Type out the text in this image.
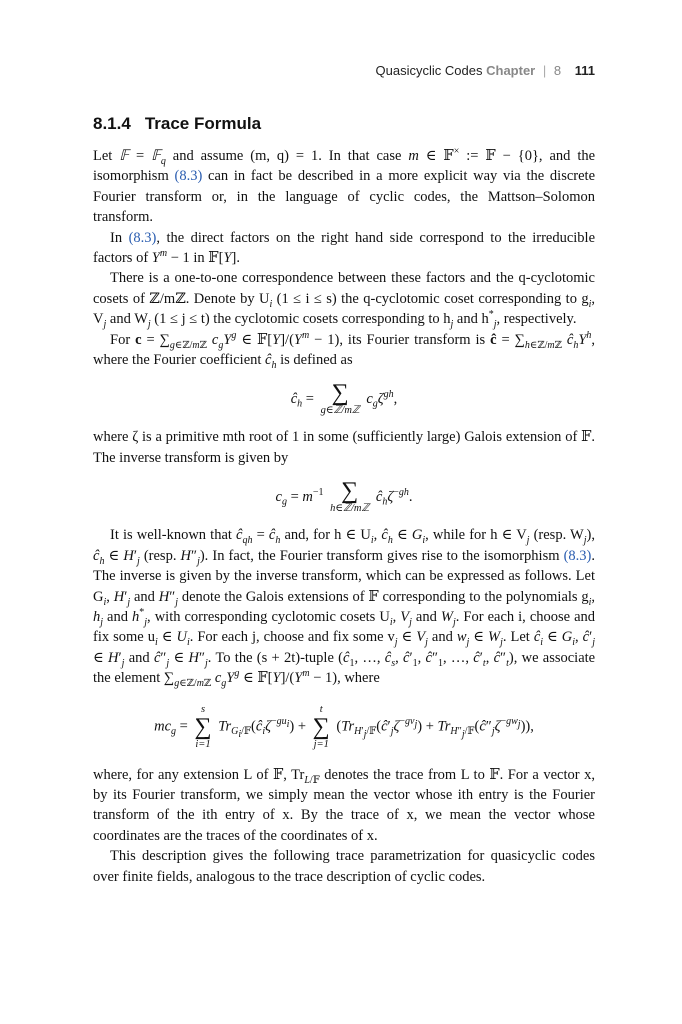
Quasicyclic Codes Chapter | 8 111
8.1.4 Trace Formula

Let 𝔽 = 𝔽$_q$ and assume (m, q) = 1. In that case m ∈ 𝔽× := 𝔽 − {0}, and the isomorphism (8.3) can in fact be described in a more explicit way via the discrete Fourier transform or, in the language of cyclic codes, the Mattson–Solomon transform.

In (8.3), the direct factors on the right hand side correspond to the irreducible factors of $Y^m - 1$ in 𝔽[Y].

There is a one-to-one correspondence between these factors and the q-cyclotomic cosets of ℤ/mℤ. Denote by $U_i$ (1 ≤ i ≤ s) the q-cyclotomic coset corresponding to $g_i$, $V_j$ and $W_j$ (1 ≤ j ≤ t) the cyclotomic cosets corresponding to $h_j$ and $h^*_j$, respectively.

For $c = \sum_{g\in ℤ/mℤ}$ $c_gY^g$ ∈ $𝔽[Y]/(Y^m - 1)$, its Fourier transform is ĉ = $\sum_{h\in ℤ/mℤ}$ $ĉ_hY^h$, where the Fourier coefficient $ĉ_h$ is defined as

$ĉ_h$ = ∑
g∈ℤ/mℤ
$c_g\zeta^{gh}$,

where ζ is a primitive mth root of 1 in some (sufficiently large) Galois extension of 𝔽. The inverse transform is given by

$c_g = m^{-1}$ ∑
h∈ℤ/mℤ
$ĉ_h\zeta^{-gh}$.

It is well-known that $ĉ_{qh}$ = $ĉ_h$ and, for h ∈ $U_i$, $ĉ_h$ ∈ $G_i$, while for h ∈ $V_j$ (resp. $W_j$), $ĉ_h$ ∈ $H'_j$ (resp. $H''_j$). In fact, the Fourier transform gives rise to the isomorphism (8.3). The inverse is given by the inverse transform, which can be expressed as follows. Let $G_i$, $H'_j$ and $H''_j$ denote the Galois extensions of 𝔽 corresponding to the polynomials $g_i$, $h_j$ and $h^*_j$, with corresponding cyclotomic cosets $U_i$, $V_j$ and $W_j$. For each i, choose and fix some $u_i$ ∈ $U_i$. For each j, choose and fix some $v_j$ ∈ $V_j$ and $w_j$ ∈ $W_j$. Let $ĉ_i$ ∈ $G_i$, $ĉ'_j$ ∈ $H'_j$ and $ĉ''_j$ ∈ $H''_j$. To the (s + 2t)-tuple ($ĉ_1$, …, $ĉ_s$, $ĉ'_1$, $ĉ''_1$, …, $ĉ'_t$, $ĉ''_t$), we associate the element $\sum_{g\in ℤ/mℤ}$ $c_gY^g$ ∈ $𝔽[Y]/(Y^m - 1)$, where

$mc_g$ =
s
∑
i=1
$Tr_{G_i/𝔽}(ĉ_i\zeta^{-gu_i})$ +
t
∑
j=1
($Tr_{H'_j/𝔽}(ĉ'_j\zeta^{-gv_j})$ + $Tr_{H''_j/𝔽}(ĉ''_j\zeta^{-gw_j})$),

where, for any extension L of 𝔽, $Tr_{L/𝔽}$ denotes the trace from L to 𝔽. For a vector x, by its Fourier transform, we simply mean the vector whose ith entry is the Fourier transform of the ith entry of x. By the trace of x, we mean the vector whose coordinates are the traces of the coordinates of x.

This description gives the following trace parametrization for quasicyclic codes over finite fields, analogous to the trace description of cyclic codes.
